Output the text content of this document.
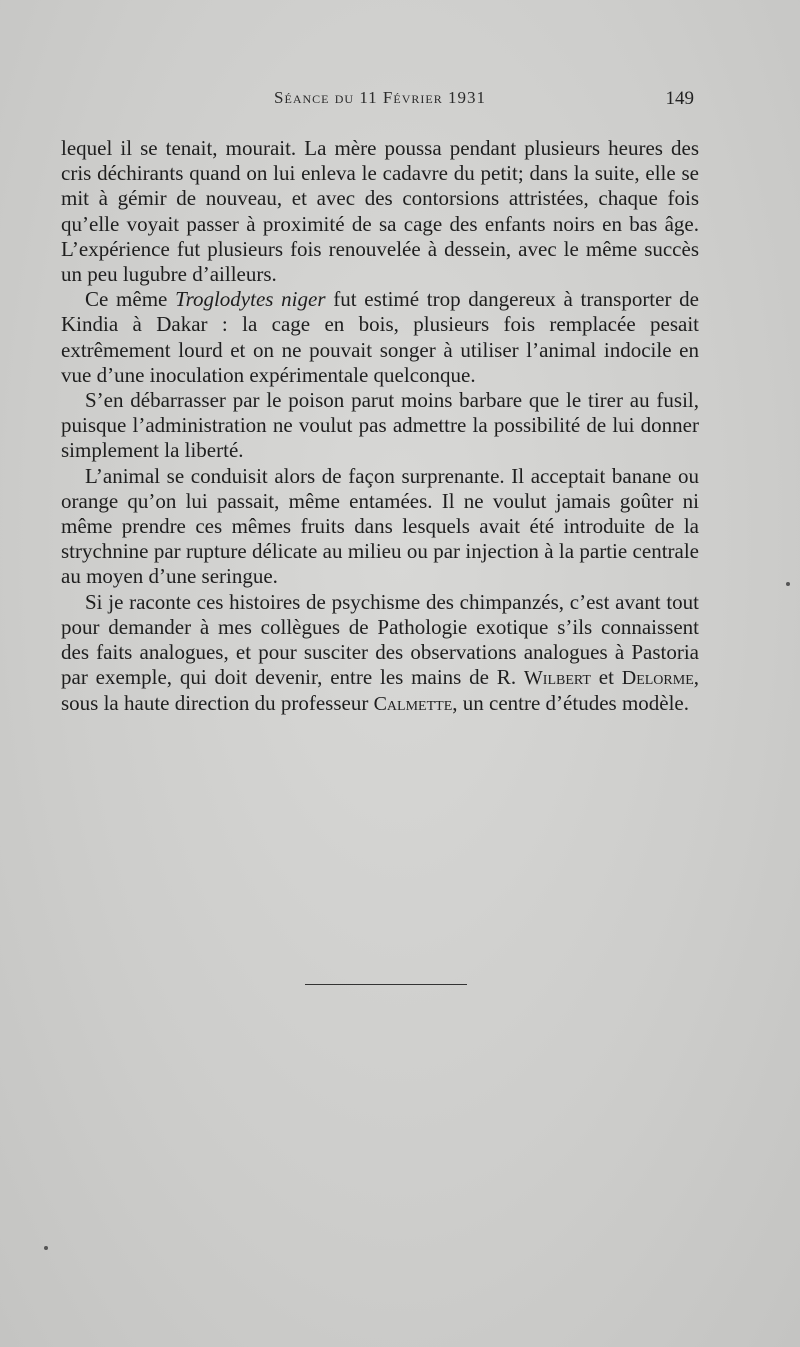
Séance du 11 Février 1931	149

lequel il se tenait, mourait. La mère poussa pendant plusieurs heures des cris déchirants quand on lui enleva le cadavre du petit; dans la suite, elle se mit à gémir de nouveau, et avec des contorsions attristées, chaque fois qu’elle voyait passer à proximité de sa cage des enfants noirs en bas âge. L’expérience fut plusieurs fois renouvelée à dessein, avec le même succès un peu lugubre d’ailleurs.

Ce même Troglodytes niger fut estimé trop dangereux à transporter de Kindia à Dakar : la cage en bois, plusieurs fois remplacée pesait extrêmement lourd et on ne pouvait songer à utiliser l’animal indocile en vue d’une inoculation expérimentale quelconque.

S’en débarrasser par le poison parut moins barbare que le tirer au fusil, puisque l’administration ne voulut pas admettre la possibilité de lui donner simplement la liberté.

L’animal se conduisit alors de façon surprenante. Il acceptait banane ou orange qu’on lui passait, même entamées. Il ne voulut jamais goûter ni même prendre ces mêmes fruits dans lesquels avait été introduite de la strychnine par rupture délicate au milieu ou par injection à la partie centrale au moyen d’une seringue.

Si je raconte ces histoires de psychisme des chimpanzés, c’est avant tout pour demander à mes collègues de Pathologie exotique s’ils connaissent des faits analogues, et pour susciter des observations analogues à Pastoria par exemple, qui doit devenir, entre les mains de R. Wilbert et Delorme, sous la haute direction du professeur Calmette, un centre d’études modèle.
